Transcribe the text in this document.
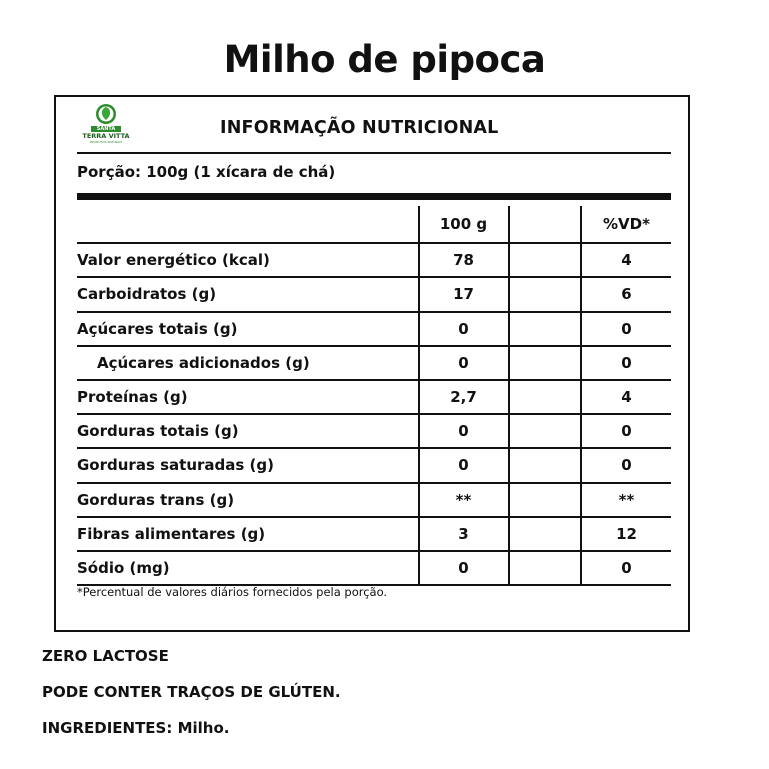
Milho de pipoca
SANTA
TERRA VITTA
PRODUTOS NATURAIS
INFORMAÇÃO NUTRICIONAL
Porção: 100g (1 xícara de chá)
100 g	%VD*
Valor energético (kcal)	78	4
Carboidratos (g)	17	6
Açúcares totais (g)	0	0
Açúcares adicionados (g)	0	0
Proteínas (g)	2,7	4
Gorduras totais (g)	0	0
Gorduras saturadas (g)	0	0
Gorduras trans (g)	**	**
Fibras alimentares (g)	3	12
Sódio (mg)	0	0
*Percentual de valores diários fornecidos pela porção.
ZERO LACTOSE
PODE CONTER TRAÇOS DE GLÚTEN.
INGREDIENTES: Milho.
